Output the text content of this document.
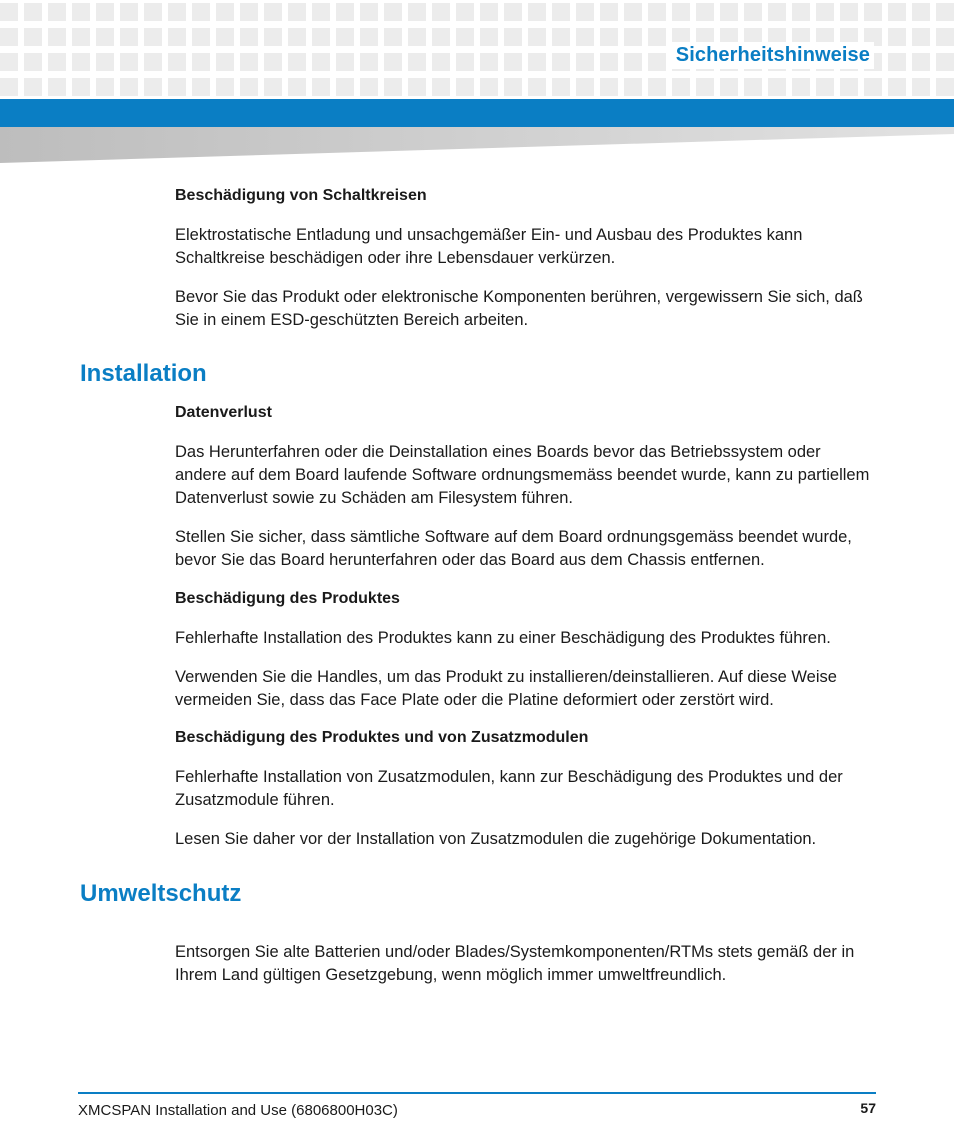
Sicherheitshinweise
Beschädigung von Schaltkreisen

Elektrostatische Entladung und unsachgemäßer Ein- und Ausbau des Produktes kann Schaltkreise beschädigen oder ihre Lebensdauer verkürzen.

Bevor Sie das Produkt oder elektronische Komponenten berühren, vergewissern Sie sich, daß Sie in einem ESD-geschützten Bereich arbeiten.

Installation
Datenverlust

Das Herunterfahren oder die Deinstallation eines Boards bevor das Betriebssystem oder andere auf dem Board laufende Software ordnungsmemäss beendet wurde, kann zu partiellem Datenverlust sowie zu Schäden am Filesystem führen.

Stellen Sie sicher, dass sämtliche Software auf dem Board ordnungsgemäss beendet wurde, bevor Sie das Board herunterfahren oder das Board aus dem Chassis entfernen.

Beschädigung des Produktes

Fehlerhafte Installation des Produktes kann zu einer Beschädigung des Produktes führen.

Verwenden Sie die Handles, um das Produkt zu installieren/deinstallieren. Auf diese Weise vermeiden Sie, dass das Face Plate oder die Platine deformiert oder zerstört wird.

Beschädigung des Produktes und von Zusatzmodulen

Fehlerhafte Installation von Zusatzmodulen, kann zur Beschädigung des Produktes und der Zusatzmodule führen.

Lesen Sie daher vor der Installation von Zusatzmodulen die zugehörige Dokumentation.

Umweltschutz

Entsorgen Sie alte Batterien und/oder Blades/Systemkomponenten/RTMs stets gemäß der in Ihrem Land gültigen Gesetzgebung, wenn möglich immer umweltfreundlich.

XMCSPAN Installation and Use (6806800H03C)	57
